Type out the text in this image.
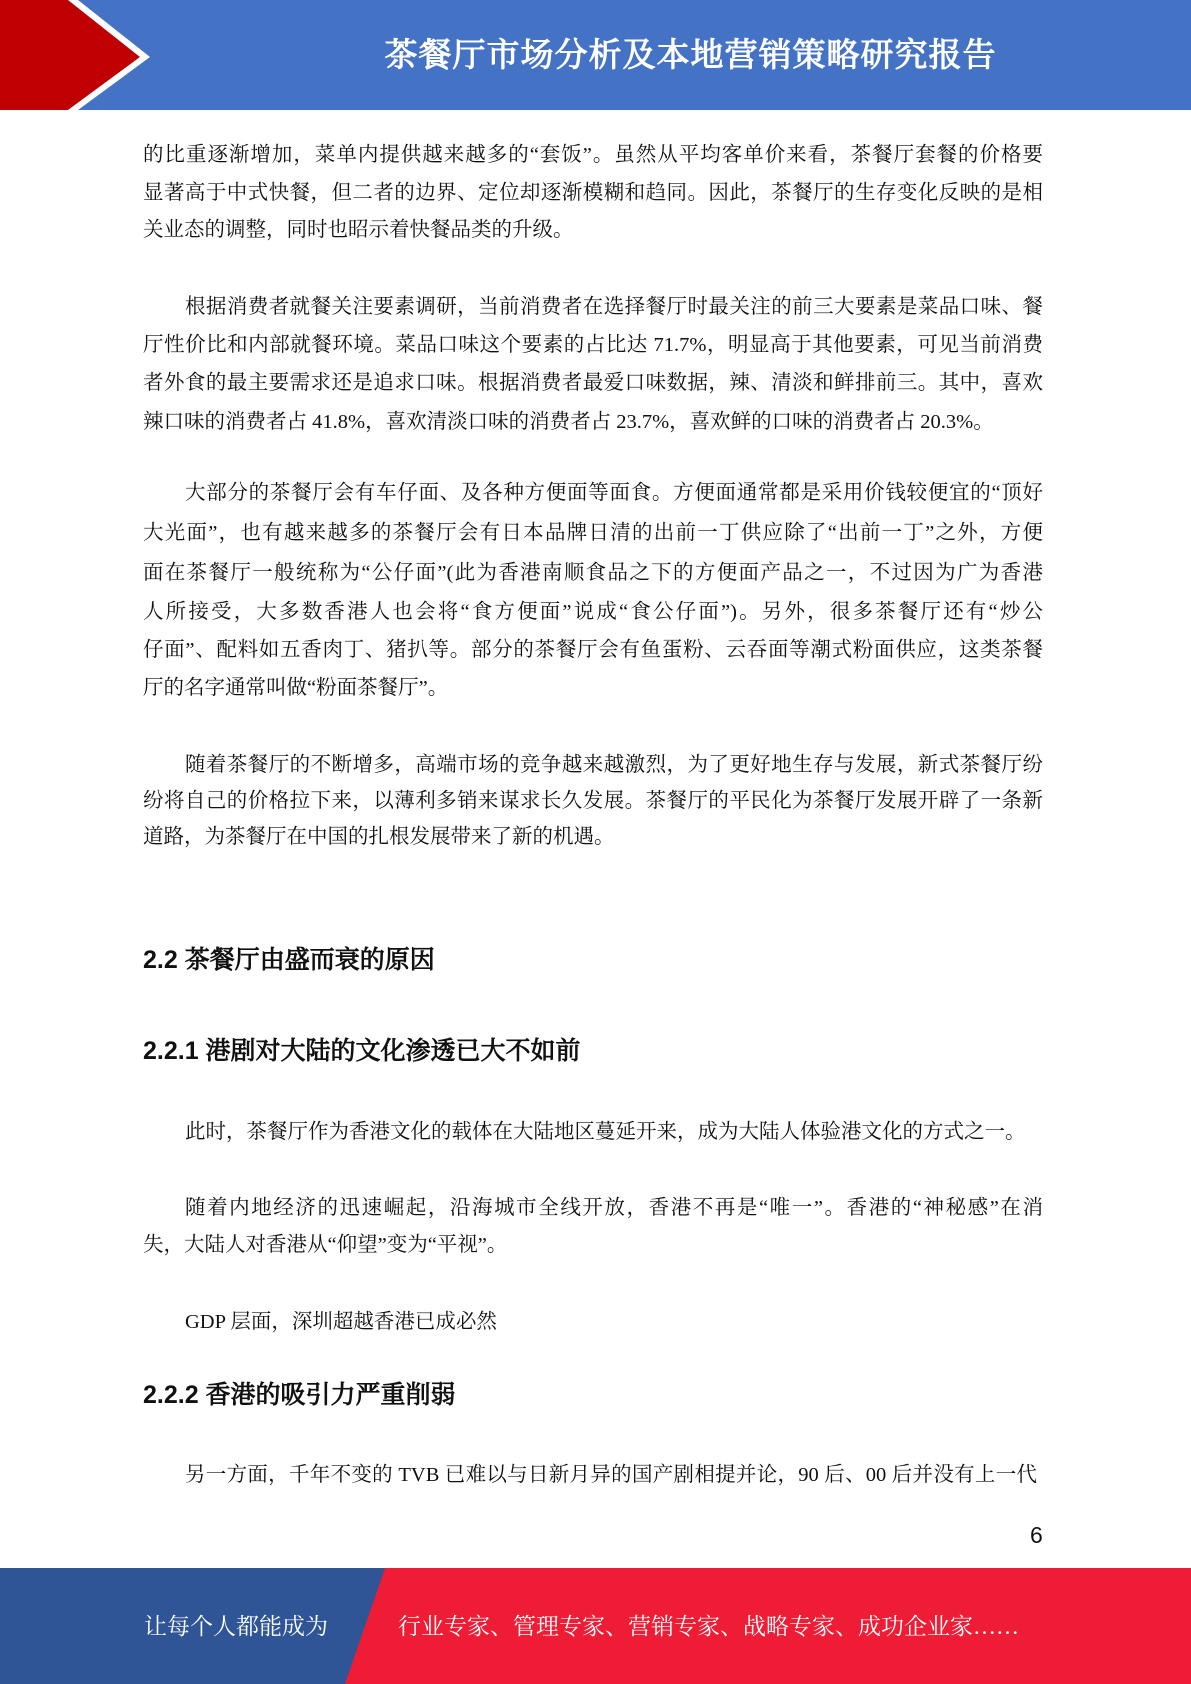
茶餐厅市场分析及本地营销策略研究报告
的比重逐渐增加，菜单内提供越来越多的“套饭”。虽然从平均客单价来看，茶餐厅套餐的价格要
显著高于中式快餐，但二者的边界、定位却逐渐模糊和趋同。因此，茶餐厅的生存变化反映的是相
关业态的调整，同时也昭示着快餐品类的升级。
根据消费者就餐关注要素调研，当前消费者在选择餐厅时最关注的前三大要素是菜品口味、餐
厅性价比和内部就餐环境。菜品口味这个要素的占比达 71.7%，明显高于其他要素，可见当前消费
者外食的最主要需求还是追求口味。根据消费者最爱口味数据，辣、清淡和鲜排前三。其中，喜欢
辣口味的消费者占 41.8%，喜欢清淡口味的消费者占 23.7%，喜欢鲜的口味的消费者占 20.3%。
大部分的茶餐厅会有车仔面、及各种方便面等面食。方便面通常都是采用价钱较便宜的“顶好
大光面”，也有越来越多的茶餐厅会有日本品牌日清的出前一丁供应除了“出前一丁”之外，方便
面在茶餐厅一般统称为“公仔面”(此为香港南顺食品之下的方便面产品之一，不过因为广为香港
人所接受，大多数香港人也会将“食方便面”说成“食公仔面”)。另外，很多茶餐厅还有“炒公
仔面”、配料如五香肉丁、猪扒等。部分的茶餐厅会有鱼蛋粉、云吞面等潮式粉面供应，这类茶餐
厅的名字通常叫做“粉面茶餐厅”。
随着茶餐厅的不断增多，高端市场的竞争越来越激烈，为了更好地生存与发展，新式茶餐厅纷
纷将自己的价格拉下来，以薄利多销来谋求长久发展。茶餐厅的平民化为茶餐厅发展开辟了一条新
道路，为茶餐厅在中国的扎根发展带来了新的机遇。
2.2 茶餐厅由盛而衰的原因
2.2.1 港剧对大陆的文化渗透已大不如前
此时，茶餐厅作为香港文化的载体在大陆地区蔓延开来，成为大陆人体验港文化的方式之一。
随着内地经济的迅速崛起，沿海城市全线开放，香港不再是“唯一”。香港的“神秘感”在消
失，大陆人对香港从“仰望”变为“平视”。
GDP 层面，深圳超越香港已成必然
2.2.2 香港的吸引力严重削弱
另一方面，千年不变的 TVB 已难以与日新月异的国产剧相提并论，90 后、00 后并没有上一代
6
让每个人都能成为	行业专家、管理专家、营销专家、战略专家、成功企业家……
